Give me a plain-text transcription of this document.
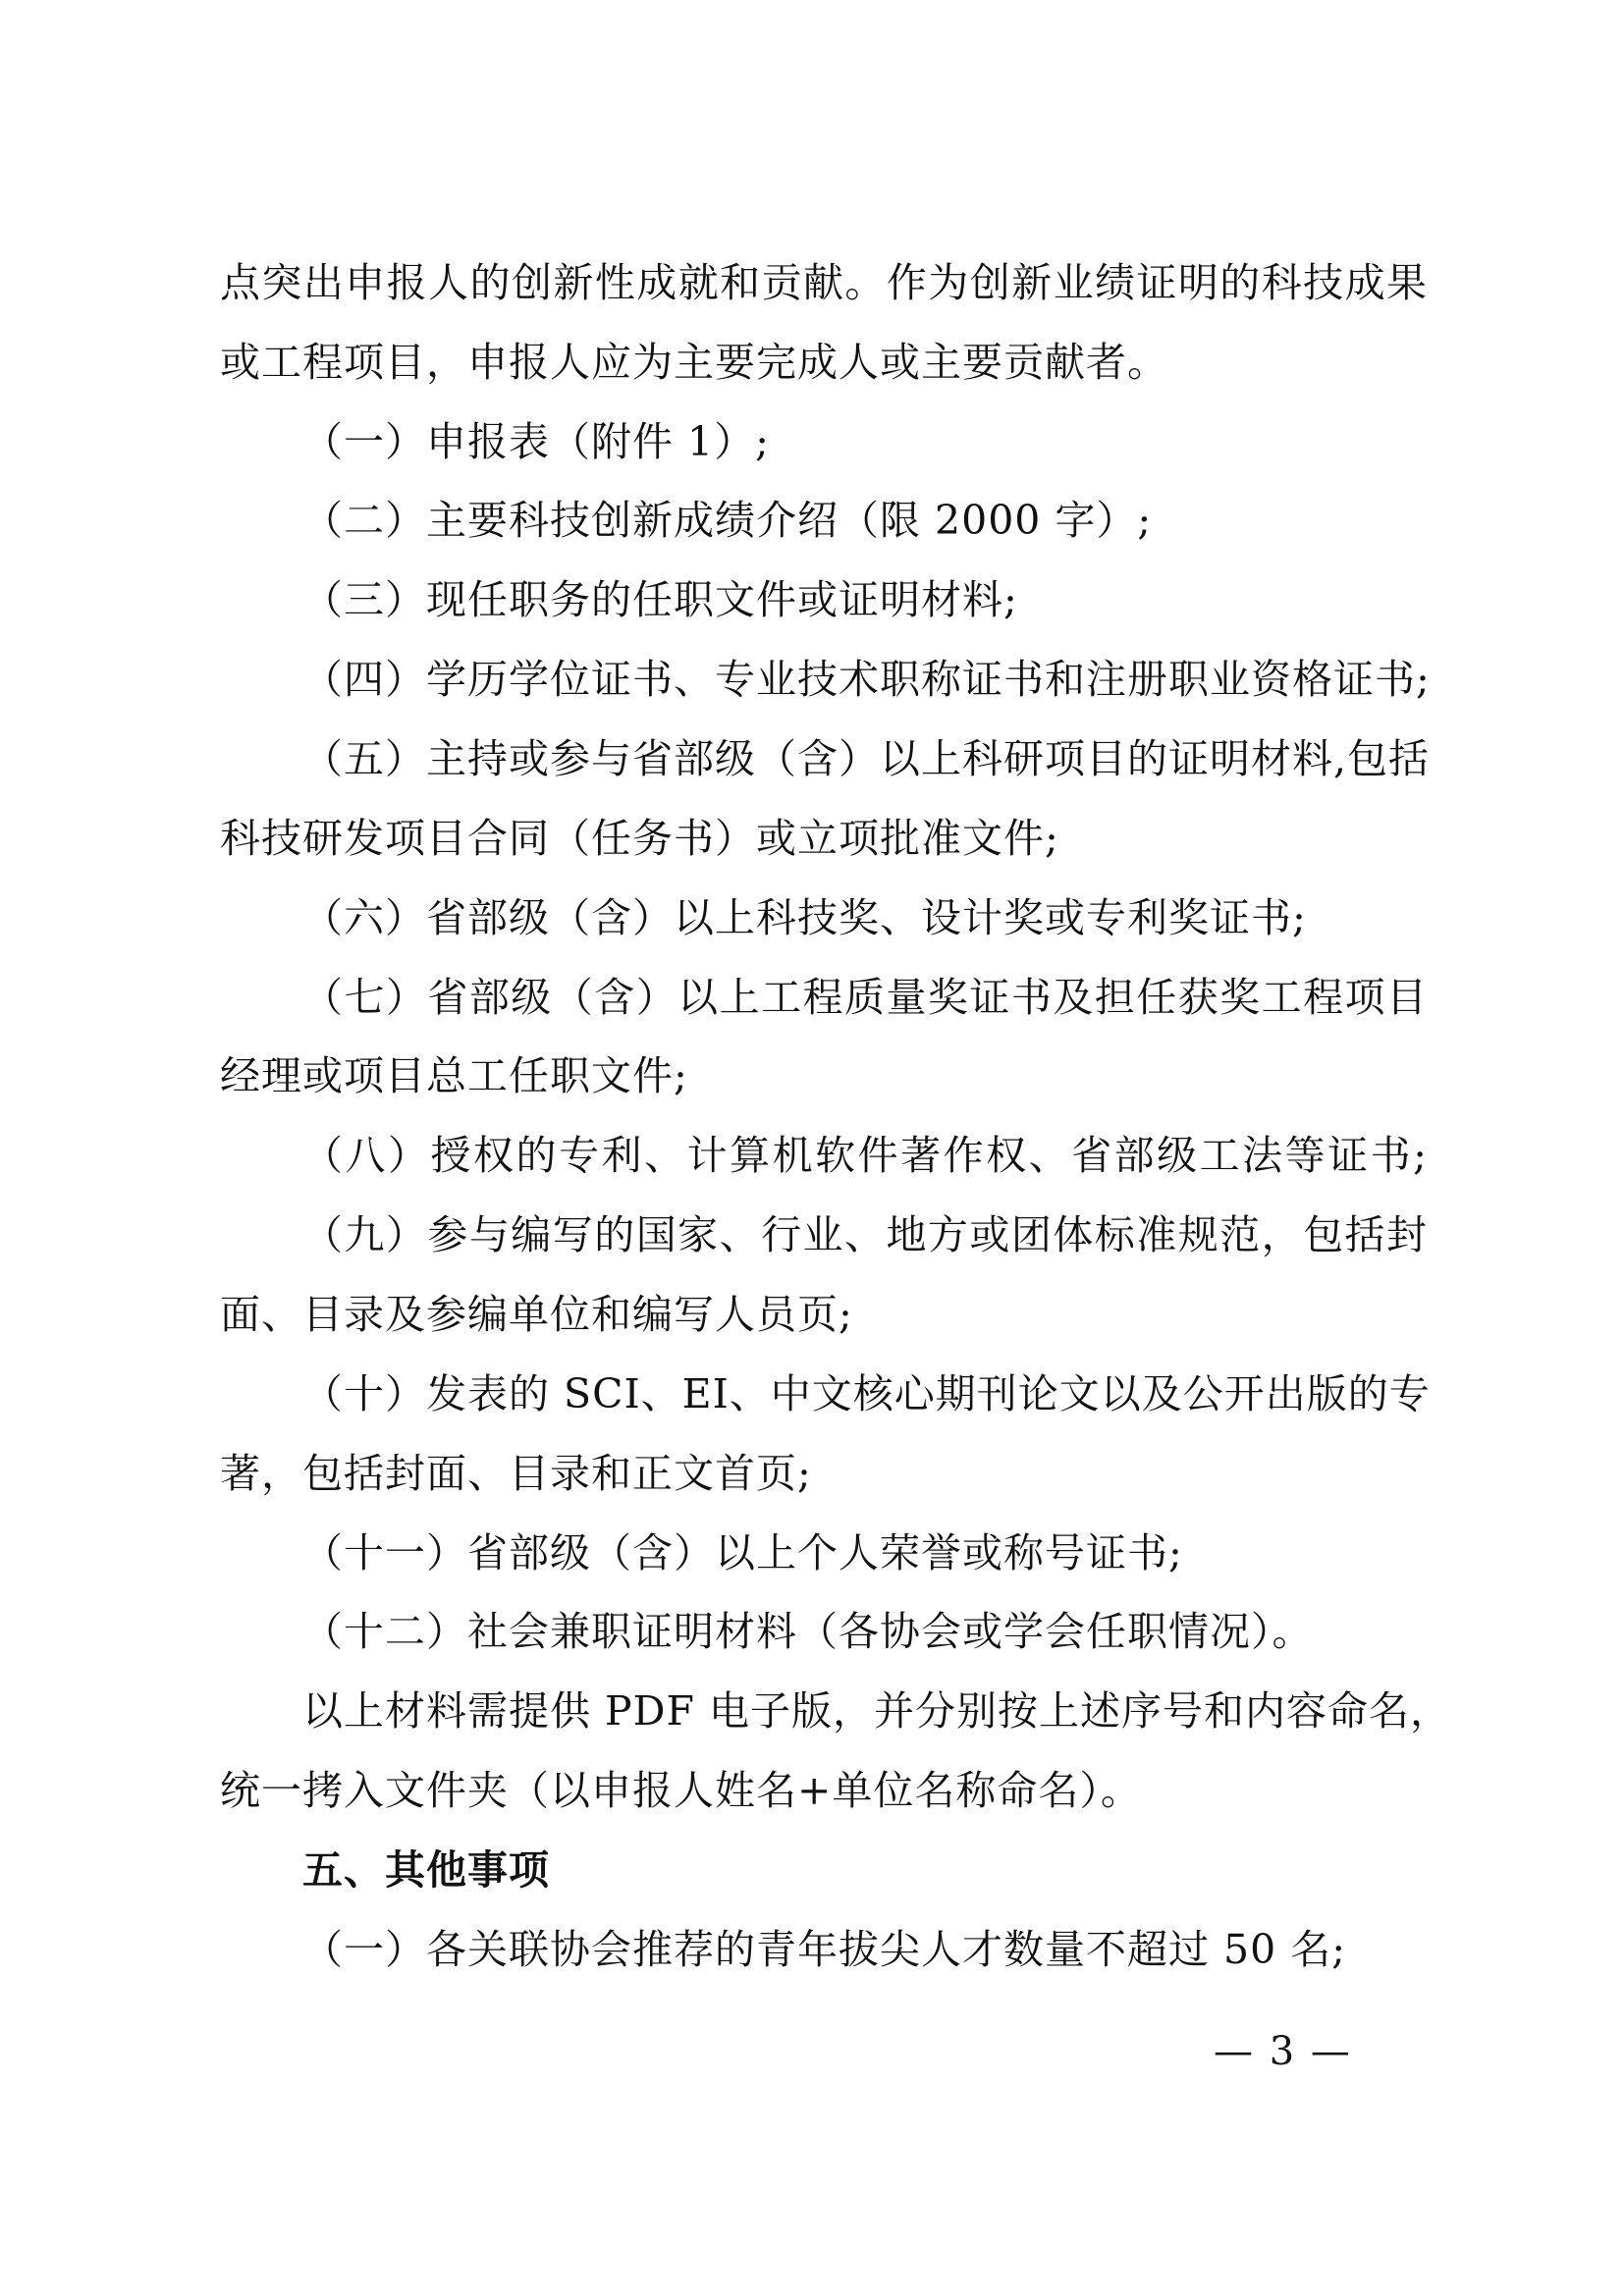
点突出申报人的创新性成就和贡献。作为创新业绩证明的科技成果
或工程项目，申报人应为主要完成人或主要贡献者。
（一）申报表（附件 1）;
（二）主要科技创新成绩介绍（限 2000 字）;
（三）现任职务的任职文件或证明材料;
（四）学历学位证书、专业技术职称证书和注册职业资格证书;
（五）主持或参与省部级（含）以上科研项目的证明材料,包括
科技研发项目合同（任务书）或立项批准文件;
（六）省部级（含）以上科技奖、设计奖或专利奖证书;
（七）省部级（含）以上工程质量奖证书及担任获奖工程项目
经理或项目总工任职文件;
（八）授权的专利、计算机软件著作权、省部级工法等证书;
（九）参与编写的国家、行业、地方或团体标准规范，包括封
面、目录及参编单位和编写人员页;
（十）发表的 SCI、EI、中文核心期刊论文以及公开出版的专
著，包括封面、目录和正文首页;
（十一）省部级（含）以上个人荣誉或称号证书;
（十二）社会兼职证明材料（各协会或学会任职情况）。
以上材料需提供 PDF 电子版，并分别按上述序号和内容命名，
统一拷入文件夹（以申报人姓名+单位名称命名）。
五、其他事项
（一）各关联协会推荐的青年拔尖人才数量不超过 50 名;
— 3 —
